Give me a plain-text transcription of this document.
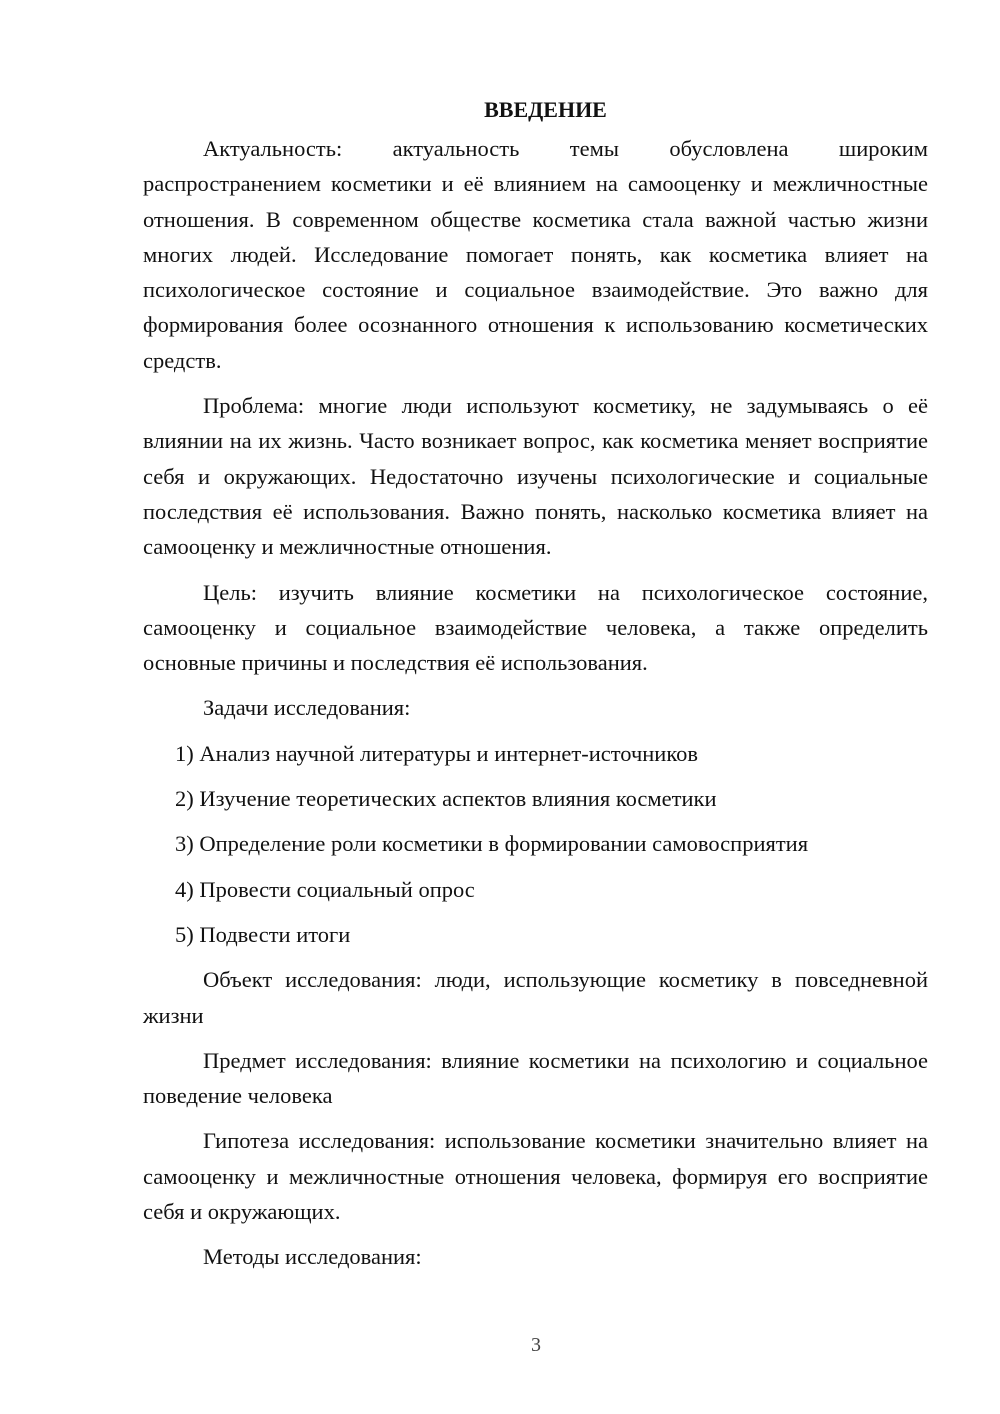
ВВЕДЕНИЕ

Актуальность: актуальность темы обусловлена широким распространением косметики и её влиянием на самооценку и межличностные отношения. В современном обществе косметика стала важной частью жизни многих людей. Исследование помогает понять, как косметика влияет на психологическое состояние и социальное взаимодействие. Это важно для формирования более осознанного отношения к использованию косметических средств.

Проблема: многие люди используют косметику, не задумываясь о её влиянии на их жизнь. Часто возникает вопрос, как косметика меняет восприятие себя и окружающих. Недостаточно изучены психологические и социальные последствия её использования. Важно понять, насколько косметика влияет на самооценку и межличностные отношения.

Цель: изучить влияние косметики на психологическое состояние, самооценку и социальное взаимодействие человека, а также определить основные причины и последствия её использования.

Задачи исследования:

1) Анализ научной литературы и интернет-источников
2) Изучение теоретических аспектов влияния косметики
3) Определение роли косметики в формировании самовосприятия
4) Провести социальный опрос
5) Подвести итоги

Объект исследования: люди, использующие косметику в повседневной жизни

Предмет исследования: влияние косметики на психологию и социальное поведение человека

Гипотеза исследования: использование косметики значительно влияет на самооценку и межличностные отношения человека, формируя его восприятие себя и окружающих.

Методы исследования:

3
